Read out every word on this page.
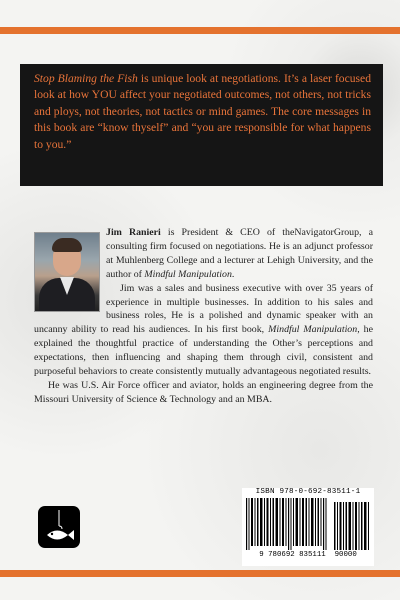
Stop Blaming the Fish is unique look at negotiations. It’s a laser focused look at how YOU affect your negotiated outcomes, not others, not tricks and ploys, not theories, not tactics or mind games. The core messages in this book are “know thyself” and “you are responsible for what happens to you.”

Jim Ranieri is President & CEO of theNavigatorGroup, a consulting firm focused on negotiations. He is an adjunct professor at Muhlenberg College and a lecturer at Lehigh University, and the author of Mindful Manipulation.

Jim was a sales and business executive with over 35 years of experience in multiple businesses. In addition to his sales and business roles, He is a polished and dynamic speaker with an uncanny ability to read his audiences. In his first book, Mindful Manipulation, he explained the thoughtful practice of understanding the Other’s perceptions and expectations, then influencing and shaping them through civil, consistent and purposeful behaviors to create consistently mutually advantageous negotiated results.

He was U.S. Air Force officer and aviator, holds an engineering degree from the Missouri University of Science & Technology and an MBA.

ISBN 978-0-692-83511-1
9 780692 835111 90000
